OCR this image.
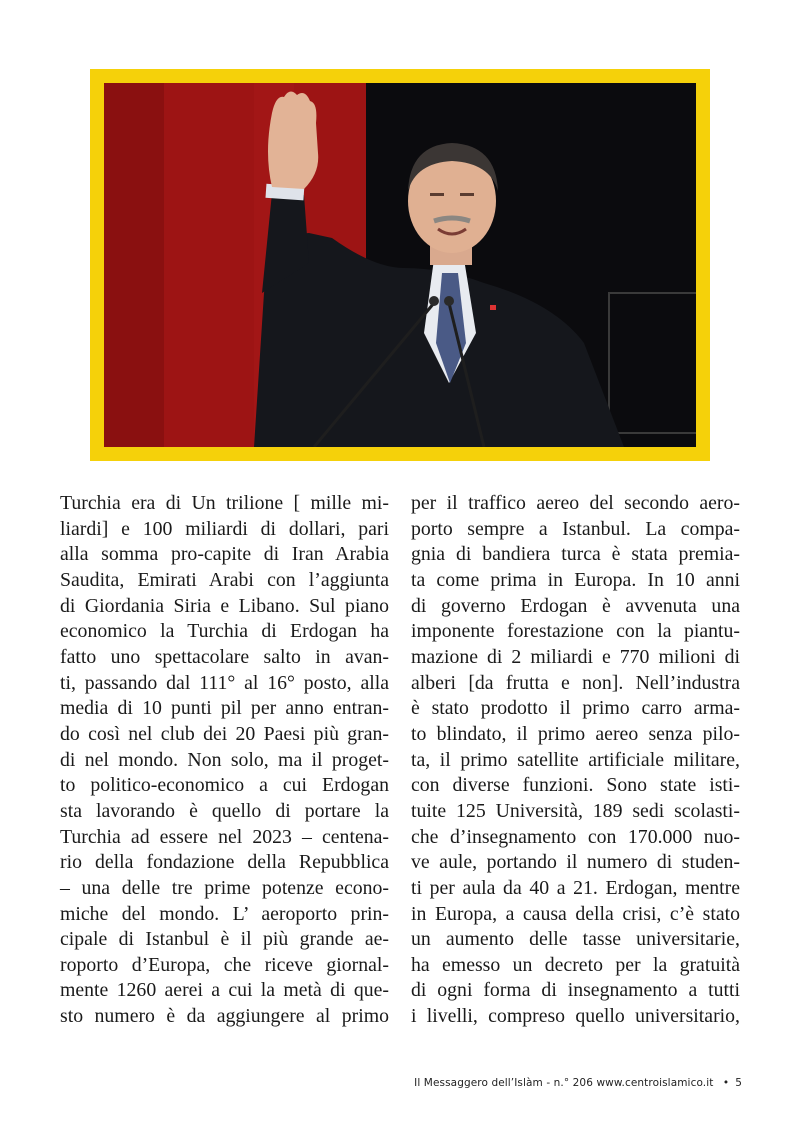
Turchia era di Un trilione [ mille mi-
liardi] e 100 miliardi di dollari, pari
alla somma pro-capite di Iran Arabia
Saudita, Emirati Arabi con l’aggiunta
di Giordania Siria e Libano. Sul piano
economico la Turchia di Erdogan ha
fatto uno spettacolare salto in avan-
ti, passando dal 111° al 16° posto, alla
media di 10 punti pil per anno entran-
do così nel club dei 20 Paesi più gran-
di nel mondo. Non solo, ma il proget-
to politico-economico a cui Erdogan
sta lavorando è quello di portare la
Turchia ad essere nel 2023 – centena-
rio della fondazione della Repubblica
– una delle tre prime potenze econo-
miche del mondo. L’ aeroporto prin-
cipale di Istanbul è il più grande ae-
roporto d’Europa, che riceve giornal-
mente 1260 aerei a cui la metà di que-
sto numero è da aggiungere al primo

per il traffico aereo del secondo aero-
porto sempre a Istanbul. La compa-
gnia di bandiera turca è stata premia-
ta come prima in Europa. In 10 anni
di governo Erdogan è avvenuta una
imponente forestazione con la piantu-
mazione di 2 miliardi e 770 milioni di
alberi [da frutta e non]. Nell’industra
è stato prodotto il primo carro arma-
to blindato, il primo aereo senza pilo-
ta, il primo satellite artificiale militare,
con diverse funzioni. Sono state isti-
tuite 125 Università, 189 sedi scolasti-
che d’insegnamento con 170.000 nuo-
ve aule, portando il numero di studen-
ti per aula da 40 a 21. Erdogan, mentre
in Europa, a causa della crisi, c’è stato
un aumento delle tasse universitarie,
ha emesso un decreto per la gratuità
di ogni forma di insegnamento a tutti
i livelli, compreso quello universitario,

Il Messaggero dell’Islàm - n.° 206 www.centroislamico.it • 5
